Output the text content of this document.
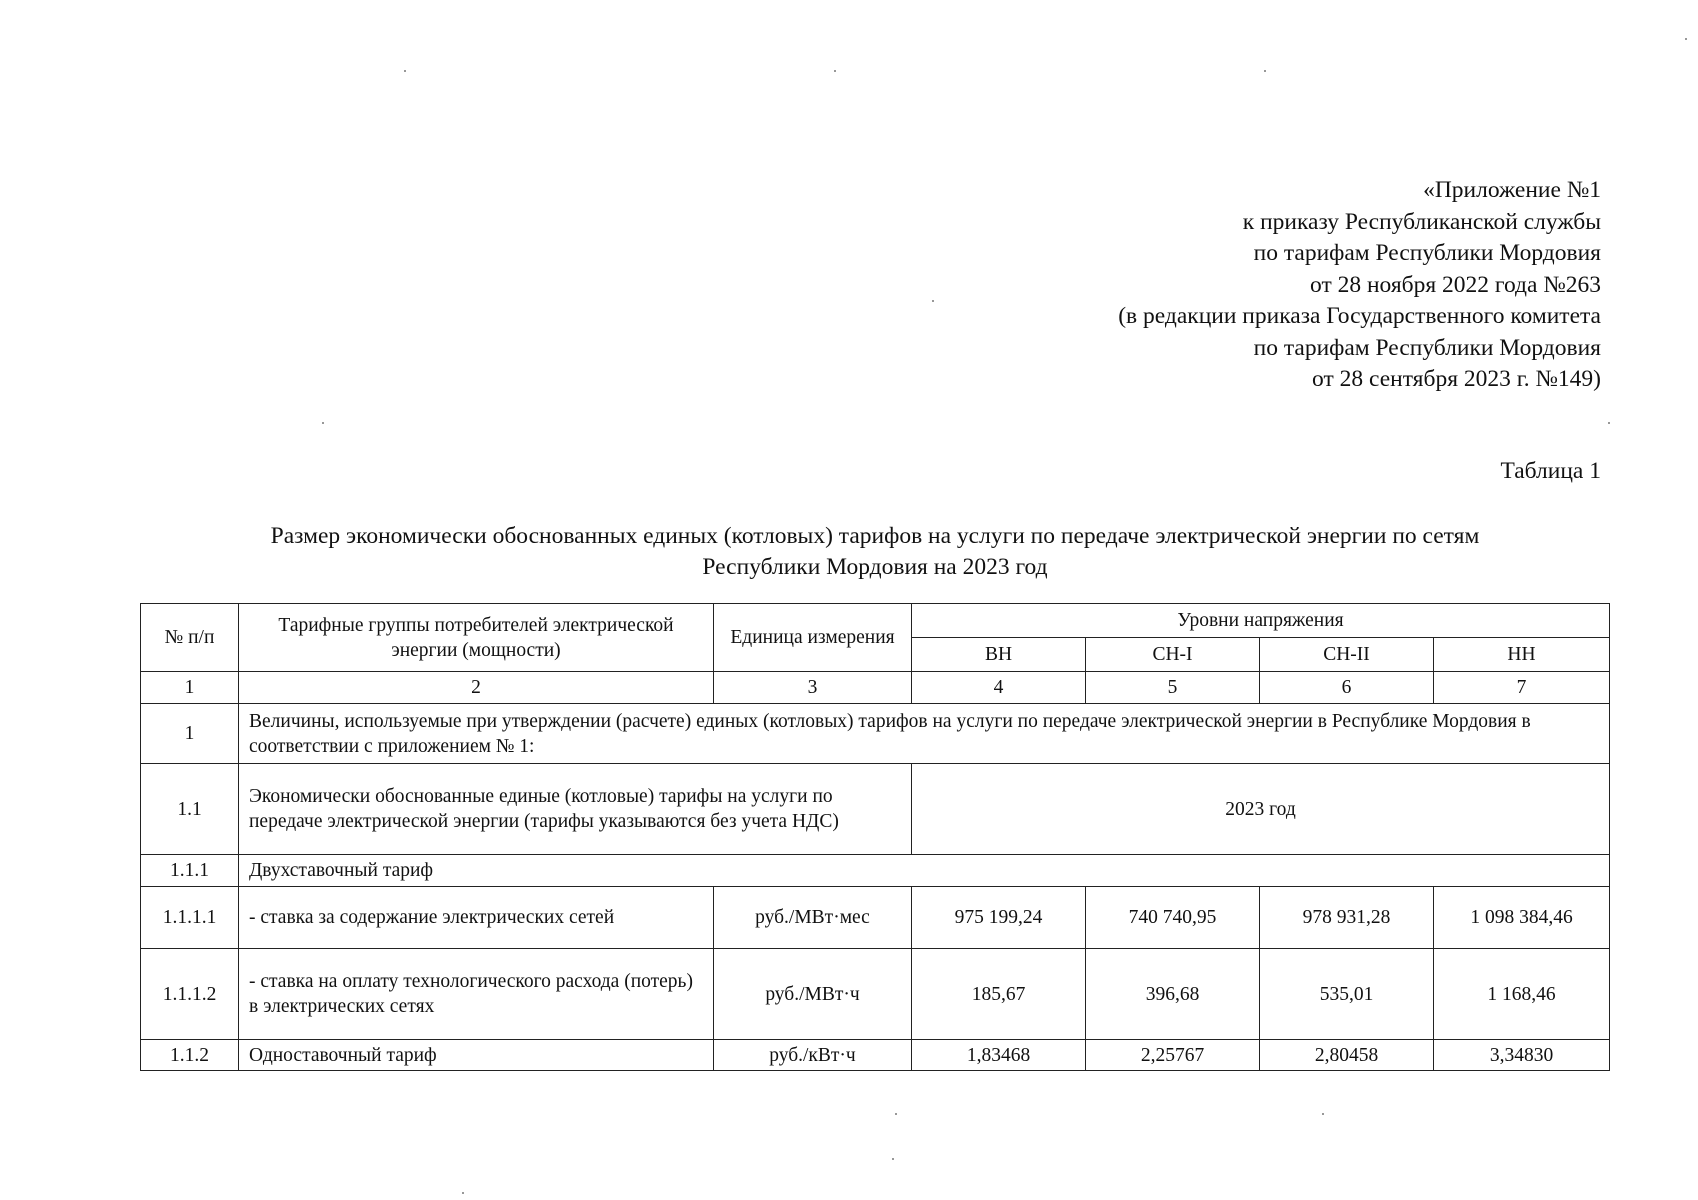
«Приложение №1
к приказу Республиканской службы
по тарифам Республики Мордовия
от 28 ноября 2022 года №263
(в редакции приказа Государственного комитета
по тарифам Республики Мордовия
от 28 сентября 2023 г. №149)
Таблица 1
Размер экономически обоснованных единых (котловых) тарифов на услуги по передаче электрической энергии по сетям
Республики Мордовия на 2023 год
№ п/п	Тарифные группы потребителей электрической энергии (мощности)	Единица измерения	Уровни напряжения			
			ВН	СН-I	СН-II	НН
1	2	3	4	5	6	7
1	Величины, используемые при утверждении (расчете) единых (котловых) тарифов на услуги по передаче электрической энергии в Республике Мордовия в соответствии с приложением № 1:					
1.1	Экономически обоснованные единые (котловые) тарифы на услуги по передаче электрической энергии (тарифы указываются без учета НДС)		2023 год			
1.1.1	Двухставочный тариф					
1.1.1.1	- ставка за содержание электрических сетей	руб./МВт·мес	975 199,24	740 740,95	978 931,28	1 098 384,46
1.1.1.2	- ставка на оплату технологического расхода (потерь) в электрических сетях	руб./МВт·ч	185,67	396,68	535,01	1 168,46
1.1.2	Одноставочный тариф	руб./кВт·ч	1,83468	2,25767	2,80458	3,34830
